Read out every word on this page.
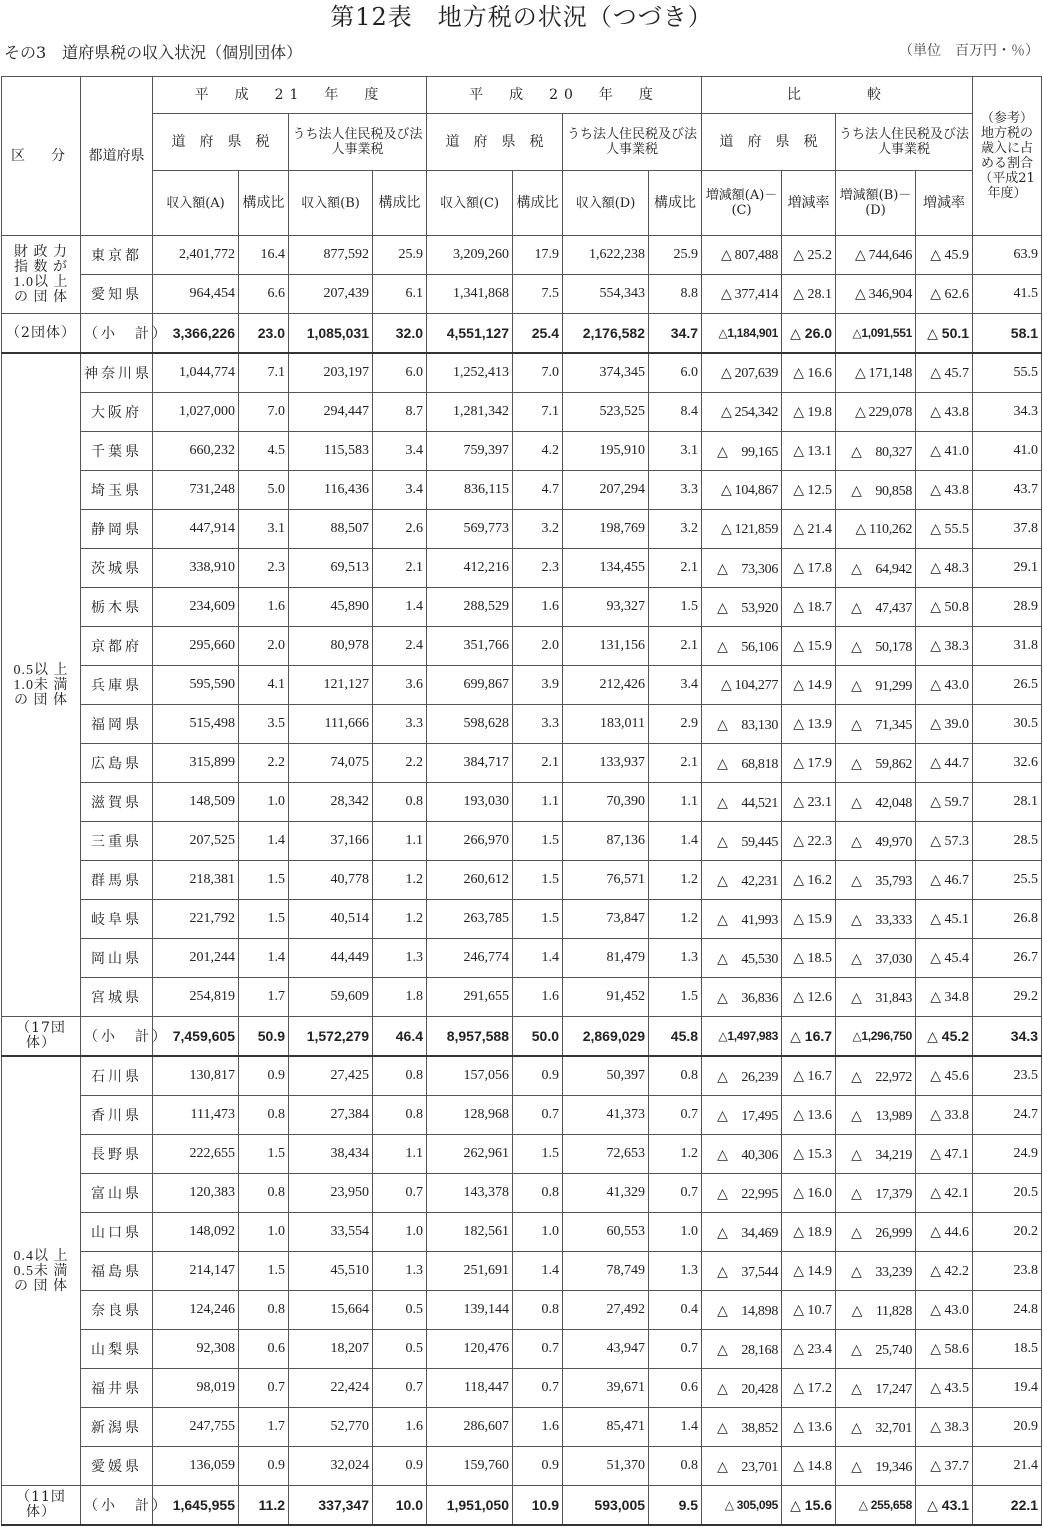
第12表　地方税の状況（つづき）
その3　道府県税の収入状況（個別団体）	（単位　百万円・％）
区　分	都道府県	平　成　21　年　度				平　成　20　年　度				比　　　較				（参考）地方税の歳入に占める割合（平成21年度）
		道　府　県　税		うち法人住民税及び法人事業税		道　府　県　税		うち法人住民税及び法人事業税		道　府　県　税		うち法人住民税及び法人事業税		
		収入額(A)	構成比	収入額(B)	構成比	収入額(C)	構成比	収入額(D)	構成比	増減額(A)－(C)	増減率	増減額(B)－(D)	増減率	

財 政 力
指 数 が
1.0以 上
の 団 体	東京都	2,401,772	16.4	877,592	25.9	3,209,260	17.9	1,622,238	25.9	△ 807,488	△ 25.2	△ 744,646	△ 45.9	63.9
	愛知県	964,454	6.6	207,439	6.1	1,341,868	7.5	554,343	8.8	△ 377,414	△ 28.1	△ 346,904	△ 62.6	41.5
（2団体）	（小　計）	3,366,226	23.0	1,085,031	32.0	4,551,127	25.4	2,176,582	34.7	△1,184,901	△ 26.0	△1,091,551	△ 50.1	58.1

0.5以 上
1.0未 満
の 団 体	神奈川県	1,044,774	7.1	203,197	6.0	1,252,413	7.0	374,345	6.0	△ 207,639	△ 16.6	△ 171,148	△ 45.7	55.5
	大阪府	1,027,000	7.0	294,447	8.7	1,281,342	7.1	523,525	8.4	△ 254,342	△ 19.8	△ 229,078	△ 43.8	34.3
	千葉県	660,232	4.5	115,583	3.4	759,397	4.2	195,910	3.1	△　99,165	△ 13.1	△　80,327	△ 41.0	41.0
	埼玉県	731,248	5.0	116,436	3.4	836,115	4.7	207,294	3.3	△ 104,867	△ 12.5	△　90,858	△ 43.8	43.7
	静岡県	447,914	3.1	88,507	2.6	569,773	3.2	198,769	3.2	△ 121,859	△ 21.4	△ 110,262	△ 55.5	37.8
	茨城県	338,910	2.3	69,513	2.1	412,216	2.3	134,455	2.1	△　73,306	△ 17.8	△　64,942	△ 48.3	29.1
	栃木県	234,609	1.6	45,890	1.4	288,529	1.6	93,327	1.5	△　53,920	△ 18.7	△　47,437	△ 50.8	28.9
	京都府	295,660	2.0	80,978	2.4	351,766	2.0	131,156	2.1	△　56,106	△ 15.9	△　50,178	△ 38.3	31.8
	兵庫県	595,590	4.1	121,127	3.6	699,867	3.9	212,426	3.4	△ 104,277	△ 14.9	△　91,299	△ 43.0	26.5
	福岡県	515,498	3.5	111,666	3.3	598,628	3.3	183,011	2.9	△　83,130	△ 13.9	△　71,345	△ 39.0	30.5
	広島県	315,899	2.2	74,075	2.2	384,717	2.1	133,937	2.1	△　68,818	△ 17.9	△　59,862	△ 44.7	32.6
	滋賀県	148,509	1.0	28,342	0.8	193,030	1.1	70,390	1.1	△　44,521	△ 23.1	△　42,048	△ 59.7	28.1
	三重県	207,525	1.4	37,166	1.1	266,970	1.5	87,136	1.4	△　59,445	△ 22.3	△　49,970	△ 57.3	28.5
	群馬県	218,381	1.5	40,778	1.2	260,612	1.5	76,571	1.2	△　42,231	△ 16.2	△　35,793	△ 46.7	25.5
	岐阜県	221,792	1.5	40,514	1.2	263,785	1.5	73,847	1.2	△　41,993	△ 15.9	△　33,333	△ 45.1	26.8
	岡山県	201,244	1.4	44,449	1.3	246,774	1.4	81,479	1.3	△　45,530	△ 18.5	△　37,030	△ 45.4	26.7
	宮城県	254,819	1.7	59,609	1.8	291,655	1.6	91,452	1.5	△　36,836	△ 12.6	△　31,843	△ 34.8	29.2
（17団体）	（小　計）	7,459,605	50.9	1,572,279	46.4	8,957,588	50.0	2,869,029	45.8	△1,497,983	△ 16.7	△1,296,750	△ 45.2	34.3

0.4以 上
0.5未 満
の 団 体	石川県	130,817	0.9	27,425	0.8	157,056	0.9	50,397	0.8	△　26,239	△ 16.7	△　22,972	△ 45.6	23.5
	香川県	111,473	0.8	27,384	0.8	128,968	0.7	41,373	0.7	△　17,495	△ 13.6	△　13,989	△ 33.8	24.7
	長野県	222,655	1.5	38,434	1.1	262,961	1.5	72,653	1.2	△　40,306	△ 15.3	△　34,219	△ 47.1	24.9
	富山県	120,383	0.8	23,950	0.7	143,378	0.8	41,329	0.7	△　22,995	△ 16.0	△　17,379	△ 42.1	20.5
	山口県	148,092	1.0	33,554	1.0	182,561	1.0	60,553	1.0	△　34,469	△ 18.9	△　26,999	△ 44.6	20.2
	福島県	214,147	1.5	45,510	1.3	251,691	1.4	78,749	1.3	△　37,544	△ 14.9	△　33,239	△ 42.2	23.8
	奈良県	124,246	0.8	15,664	0.5	139,144	0.8	27,492	0.4	△　14,898	△ 10.7	△　11,828	△ 43.0	24.8
	山梨県	92,308	0.6	18,207	0.5	120,476	0.7	43,947	0.7	△　28,168	△ 23.4	△　25,740	△ 58.6	18.5
	福井県	98,019	0.7	22,424	0.7	118,447	0.7	39,671	0.6	△　20,428	△ 17.2	△　17,247	△ 43.5	19.4
	新潟県	247,755	1.7	52,770	1.6	286,607	1.6	85,471	1.4	△　38,852	△ 13.6	△　32,701	△ 38.3	20.9
	愛媛県	136,059	0.9	32,024	0.9	159,760	0.9	51,370	0.8	△　23,701	△ 14.8	△　19,346	△ 37.7	21.4
（11団体）	（小　計）	1,645,955	11.2	337,347	10.0	1,951,050	10.9	593,005	9.5	△ 305,095	△ 15.6	△ 255,658	△ 43.1	22.1
